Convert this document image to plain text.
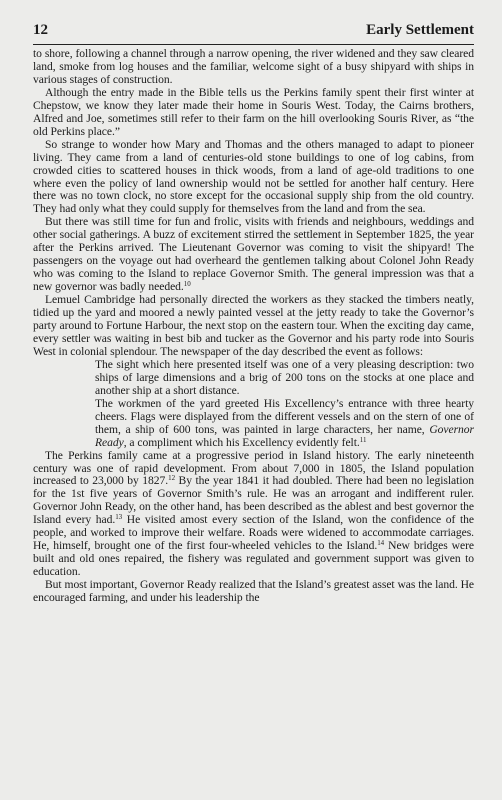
12	Early Settlement

to shore, following a channel through a narrow opening, the river widened and they saw cleared land, smoke from log houses and the familiar, welcome sight of a busy shipyard with ships in various stages of construction.

Although the entry made in the Bible tells us the Perkins family spent their first winter at Chepstow, we know they later made their home in Souris West. Today, the Cairns brothers, Alfred and Joe, sometimes still refer to their farm on the hill overlooking Souris River, as “the old Perkins place.”

So strange to wonder how Mary and Thomas and the others managed to adapt to pioneer living. They came from a land of centuries-old stone buildings to one of log cabins, from crowded cities to scattered houses in thick woods, from a land of age-old traditions to one where even the policy of land ownership would not be settled for another half century. Here there was no town clock, no store except for the occasional supply ship from the old country. They had only what they could supply for themselves from the land and from the sea.

But there was still time for fun and frolic, visits with friends and neighbours, weddings and other social gatherings. A buzz of excitement stirred the settlement in September 1825, the year after the Perkins arrived. The Lieutenant Governor was coming to visit the shipyard! The passengers on the voyage out had overheard the gentlemen talking about Colonel John Ready who was coming to the Island to replace Governor Smith. The general impression was that a new governor was badly needed.$^{10}$

Lemuel Cambridge had personally directed the workers as they stacked the timbers neatly, tidied up the yard and moored a newly painted vessel at the jetty ready to take the Governor’s party around to Fortune Harbour, the next stop on the eastern tour. When the exciting day came, every settler was waiting in best bib and tucker as the Governor and his party rode into Souris West in colonial splendour. The newspaper of the day described the event as follows:

The sight which here presented itself was one of a very pleasing description: two ships of large dimensions and a brig of 200 tons on the stocks at one place and another ship at a short distance.

The workmen of the yard greeted His Excellency’s entrance with three hearty cheers. Flags were displayed from the different vessels and on the stern of one of them, a ship of 600 tons, was painted in large characters, her name, Governor Ready, a compliment which his Excellency evidently felt.$^{11}$

The Perkins family came at a progressive period in Island history. The early nineteenth century was one of rapid development. From about 7,000 in 1805, the Island population increased to 23,000 by 1827.12 By the year 1841 it had doubled. There had been no legislation for the 1st five years of Governor Smith’s rule. He was an arrogant and indifferent ruler. Governor John Ready, on the other hand, has been described as the ablest and best governor the Island every had.$^{13}$ He visited amost every section of the Island, won the confidence of the people, and worked to improve their welfare. Roads were widened to accommodate carriages. He, himself, brought one of the first four-wheeled vehicles to the Island.$^{14}$ New bridges were built and old ones repaired, the fishery was regulated and government support was given to education.

But most important, Governor Ready realized that the Island’s greatest asset was the land. He encouraged farming, and under his leadership the
